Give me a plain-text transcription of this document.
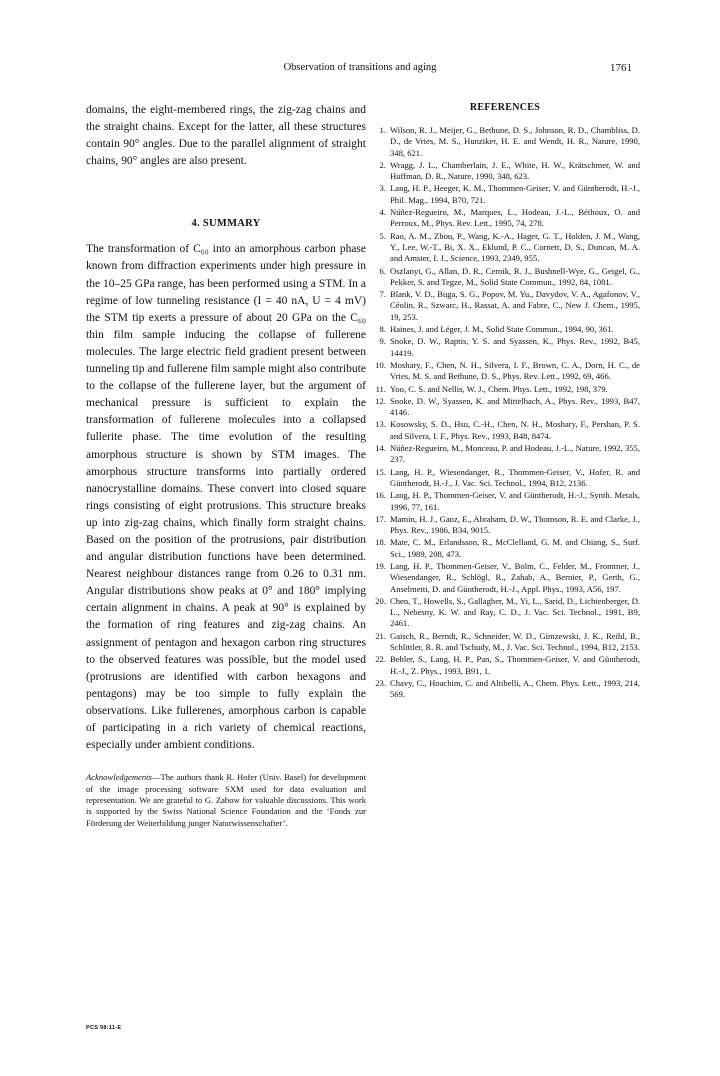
Observation of transitions and aging	1761

domains, the eight-membered rings, the zig-zag chains and the straight chains. Except for the latter, all these structures contain 90° angles. Due to the parallel alignment of straight chains, 90° angles are also present.

4. SUMMARY

The transformation of C₆₀ into an amorphous carbon phase known from diffraction experiments under high pressure in the 10–25 GPa range, has been performed using a STM. In a regime of low tunneling resistance (I = 40 nA, U = 4 mV) the STM tip exerts a pressure of about 20 GPa on the C₆₀ thin film sample inducing the collapse of fullerene molecules. The large electric field gradient present between tunneling tip and fullerene film sample might also contribute to the collapse of the fullerene layer, but the argument of mechanical pressure is sufficient to explain the transformation of fullerene molecules into a collapsed fullerite phase. The time evolution of the resulting amorphous structure is shown by STM images. The amorphous structure transforms into partially ordered nanocrystalline domains. These convert into closed square rings consisting of eight protrusions. This structure breaks up into zig-zag chains, which finally form straight chains. Based on the position of the protrusions, pair distribution and angular distribution functions have been determined. Nearest neighbour distances range from 0.26 to 0.31 nm. Angular distributions show peaks at 0° and 180° implying certain alignment in chains. A peak at 90° is explained by the formation of ring features and zig-zag chains. An assignment of pentagon and hexagon carbon ring structures to the observed features was possible, but the model used (protrusions are identified with carbon hexagons and pentagons) may be too simple to fully explain the observations. Like fullerenes, amorphous carbon is capable of participating in a rich variety of chemical reactions, especially under ambient conditions.

Acknowledgements—The authors thank R. Hofer (Univ. Basel) for development of the image processing software SXM used for data evaluation and representation. We are grateful to G. Zabow for valuable discussions. This work is supported by the Swiss National Science Foundation and the ‘Fonds zur Förderung der Weiterbildung junger Naturwissenschafter’.

REFERENCES
1. Wilson, R. J., Meijer, G., Bethune, D. S., Johnson, R. D., Chambliss, D. D., de Vries, M. S., Hunziker, H. E. and Wendt, H. R., Nature, 1990, 348, 621.
2. Wragg, J. L., Chamberlain, J. E., White, H. W., Krätschmer, W. and Huffman, D. R., Nature, 1990, 348, 623.
3. Lang, H. P., Heeger, K. M., Thommen-Geiser, V. and Güntherodt, H.-J., Phil. Mag., 1994, B70, 721.
4. Núñez-Regueiro, M., Marques, L., Hodeau, J.-L., Béthoux, O. and Perroux, M., Phys. Rev. Lett., 1995, 74, 278.
5. Rao, A. M., Zhou, P., Wang, K.-A., Hager, G. T., Holden, J. M., Wang, Y., Lee, W.-T., Bi, X. X., Eklund, P. C., Cornett, D. S., Duncan, M. A. and Amster, I. J., Science, 1993, 2349, 955.
6. Oszlanyi, G., Allan, D. R., Cernik, R. J., Bushnell-Wye, G., Geigel, G., Pekker, S. and Tegze, M., Solid State Commun., 1992, 84, 1081.
7. Blank, V. D., Buga, S. G., Popov, M. Yu., Davydov, V. A., Agafonov, V., Céolin, R., Szwarc, H., Rassat, A. and Fabre, C., New J. Chem., 1995, 19, 253.
8. Haines, J. and Léger, J. M., Solid State Commun., 1994, 90, 361.
9. Snoke, D. W., Raptis, Y. S. and Syassen, K., Phys. Rev., 1992, B45, 14419.
10. Moshary, F., Chen, N. H., Silvera, I. F., Brown, C. A., Dorn, H. C., de Vries, M. S. and Bethune, D. S., Phys. Rev. Lett., 1992, 69, 466.
11. Yoo, C. S. and Nellis, W. J., Chem. Phys. Lett., 1992, 198, 379.
12. Snoke, D. W., Syassen, K. and Mittelbach, A., Phys. Rev., 1993, B47, 4146.
13. Kosowsky, S. D., Hsu, C.-H., Chen, N. H., Moshary, F., Pershan, P. S. and Silvera, I. F., Phys. Rev., 1993, B48, 8474.
14. Núñez-Regueiro, M., Monceau, P. and Hodeau, J.-L., Nature, 1992, 355, 237.
15. Lang, H. P., Wiesendanger, R., Thommen-Geiser, V., Hofer, R. and Güntherodt, H.-J., J. Vac. Sci. Technol., 1994, B12, 2136.
16. Lang, H. P., Thommen-Geiser, V. and Güntherodt, H.-J., Synth. Metals, 1996, 77, 161.
17. Mamin, H. J., Ganz, E., Abraham, D. W., Thomson, R. E. and Clarke, J., Phys. Rev., 1986, B34, 9015.
18. Mate, C. M., Erlandsson, R., McClelland, G. M. and Chiang, S., Surf. Sci., 1989, 208, 473.
19. Lang, H. P., Thommen-Geiser, V., Bolm, C., Felder, M., Frommer, J., Wiesendanger, R., Schlögl, R., Zahab, A., Bernier, P., Gerth, G., Anselmetti, D. and Güntherodt, H.-J., Appl. Phys., 1993, A56, 197.
20. Chen, T., Howells, S., Gallagher, M., Yi, L., Sarid, D., Lichtenberger, D. L., Nebesny, K. W. and Ray, C. D., J. Vac. Sci. Technol., 1991, B9, 2461.
21. Gaisch, R., Berndt, R., Schneider, W. D., Gimzewski, J. K., Reihl, B., Schlittler, R. R. and Tschudy, M., J. Vac. Sci. Technol., 1994, B12, 2153.
22. Behler, S., Lang, H. P., Pan, S., Thommen-Geiser, V. and Güntherodt, H.-J., Z. Phys., 1993, B91, 1.
23. Chavy, C., Hoachim, C. and Altibelli, A., Chem. Phys. Lett., 1993, 214, 569.
PCS 98:11-E
